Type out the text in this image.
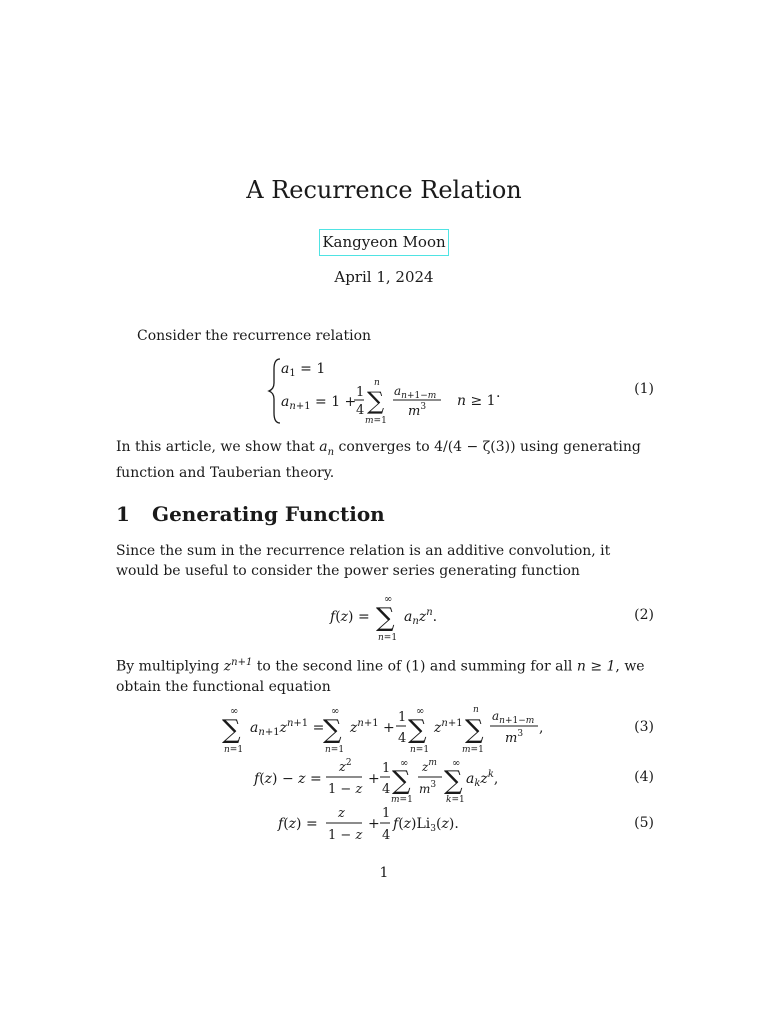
A Recurrence Relation
Kangyeon Moon
April 1, 2024
Consider the recurrence relation
$a_1 = 1$
$a_n+1 = 1$ +
1
4
n
∑
m=1
$a_n+1-m$
$m^3$ n ≥ 1 .	(1)
In this article, we show that $a_n$ converges to 4/(4 − ζ(3)) using generating function and Tauberian theory.
1 Generating Function
Since the sum in the recurrence relation is an additive convolution, it would be useful to consider the power series generating function
f(z) =
∞
∑
n=1
$a_nz^n$.	(2)
By multiplying $z^{n+1}$ to the second line of (1) and summing for all n ≥ 1, we obtain the functional equation
∞
∑
n=1
$a_n+1z^n+1$ =
∞
∑
n=1
$z^n+1$ +
1
4
∞
∑
n=1
$z^n+1$
n
∑
m=1
$a_n+1-m$
$m^3$ ,	(3)
f(z) − z =
$z^2$
1 − z
+
1
4
∞
∑
m=1
$z^m$
$m^3$
∞
∑
k=1
$a_kz^k$,	(4)
f(z) =
z
1 − z
+
1
4
$f(z)Li_3(z)$.	(5)
1
